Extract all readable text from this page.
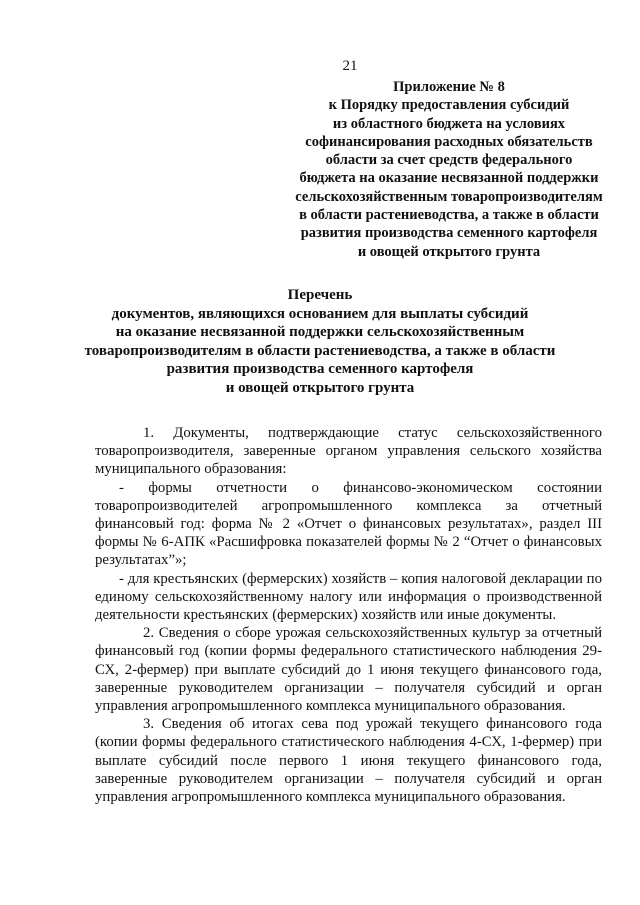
21
Приложение № 8
к Порядку предоставления субсидий
из областного бюджета на условиях
софинансирования расходных обязательств
области за счет средств федерального
бюджета на оказание несвязанной поддержки
сельскохозяйственным товаропроизводителям
в области растениеводства, а также в области
развития производства семенного картофеля
и овощей открытого грунта
Перечень
документов, являющихся основанием для выплаты субсидий
на оказание несвязанной поддержки сельскохозяйственным
товаропроизводителям в области растениеводства, а также в области
развития производства семенного картофеля
и овощей открытого грунта

1. Документы, подтверждающие статус сельскохозяйственного товаропроизводителя, заверенные органом управления сельского хозяйства муниципального образования:

- формы отчетности о финансово-экономическом состоянии товаропроизводителей агропромышленного комплекса за отчетный финансовый год: форма № 2 «Отчет о финансовых результатах», раздел III формы № 6-АПК «Расшифровка показателей формы № 2 “Отчет о финансовых результатах”»;

- для крестьянских (фермерских) хозяйств – копия налоговой декларации по единому сельскохозяйственному налогу или информация о производственной деятельности крестьянских (фермерских) хозяйств или иные документы.

2. Сведения о сборе урожая сельскохозяйственных культур за отчетный финансовый год (копии формы федерального статистического наблюдения 29-СХ, 2-фермер) при выплате субсидий до 1 июня текущего финансового года, заверенные руководителем организации – получателя субсидий и орган управления агропромышленного комплекса муниципального образования.

3. Сведения об итогах сева под урожай текущего финансового года (копии формы федерального статистического наблюдения 4-СХ, 1-фермер) при выплате субсидий после первого 1 июня текущего финансового года, заверенные руководителем организации – получателя субсидий и орган управления агропромышленного комплекса муниципального образования.
